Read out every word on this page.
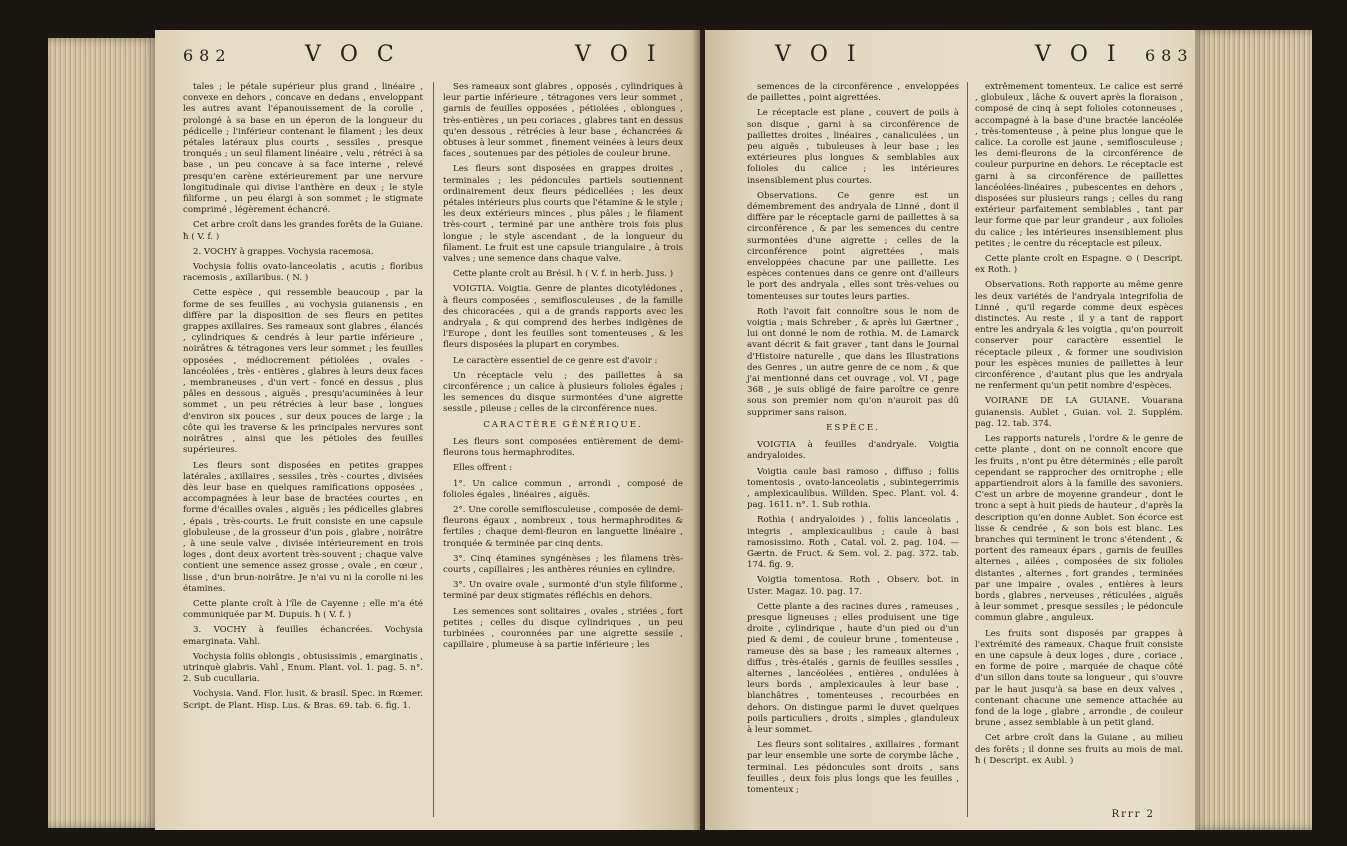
682	V O C	V O I

tales ; le pétale supérieur plus grand , linéaire , convexe en dehors , concave en dedans , enveloppant les autres avant l'épanouissement de la corolle , prolongé à sa base en un éperon de la longueur du pédicelle ; l'inférieur contenant le filament ; les deux pétales latéraux plus courts , sessiles , presque tronqués ; un seul filament linéaire , velu , rétréci à sa base , un peu concave à sa face interne , relevé presqu'en carène extérieurement par une nervure longitudinale qui divise l'anthère en deux ; le style filiforme , un peu élargi à son sommet ; le stigmate comprimé , légèrement échancré.

Cet arbre croît dans les grandes forêts de la Guiane. ħ ( V. f. )

2. VOCHY à grappes. Vochysia racemosa.

Vochysia foliis ovato-lanceolatis , acutis ; floribus racemosis , axillaribus. ( N. )

Cette espèce , qui ressemble beaucoup , par la forme de ses feuilles , au vochysia guianensis , en diffère par la disposition de ses fleurs en petites grappes axillaires. Ses rameaux sont glabres , élancés , cylindriques & cendrés à leur partie inférieure , noirâtres & tétragones vers leur sommet ; les feuilles opposées , médiocrement pétiolées , ovales - lancéolées , très - entières , glabres à leurs deux faces , membraneuses , d'un vert - foncé en dessus , plus pâles en dessous , aiguës , presqu'acuminées à leur sommet , un peu rétrécies à leur base , longues d'environ six pouces , sur deux pouces de large ; la côte qui les traverse & les principales nervures sont noirâtres , ainsi que les pétioles des feuilles supérieures.

Les fleurs sont disposées en petites grappes latérales , axillaires , sessiles , très - courtes , divisées dès leur base en quelques ramifications opposées , accompagnées à leur base de bractées courtes , en forme d'écailles ovales , aiguës ; les pédicelles glabres , épais , très-courts. Le fruit consiste en une capsule globuleuse , de la grosseur d'un pois , glabre , noirâtre , à une seule valve , divisée intérieurement en trois loges , dont deux avortent très-souvent ; chaque valve contient une semence assez grosse , ovale , en cœur , lisse , d'un brun-noirâtre. Je n'ai vu ni la corolle ni les étamines.

Cette plante croît à l'île de Cayenne ; elle m'a été communiquée par M. Dupuis. ħ ( V. f. )

3. VOCHY à feuilles échancrées. Vochysia emarginata. Vahl.

Vochysia foliis oblongis , obtusissimis , emarginatis , utrinquè glabris. Vahl , Enum. Plant. vol. 1. pag. 5. n°. 2. Sub cucullaria.

Vochysia. Vand. Flor. lusit. & brasil. Spec. in Rœmer. Script. de Plant. Hisp. Lus. & Bras. 69. tab. 6. fig. 1.

Ses rameaux sont glabres , opposés , cylindriques à leur partie inférieure , tétragones vers leur sommet , garnis de feuilles opposées , pétiolées , oblongues , très-entières , un peu coriaces , glabres tant en dessus qu'en dessous , rétrécies à leur base , échancrées & obtuses à leur sommet , finement veinées à leurs deux faces , soutenues par des pétioles de couleur brune.

Les fleurs sont disposées en grappes droites , terminales ; les pédoncules partiels soutiennent ordinairement deux fleurs pédicellées ; les deux pétales intérieurs plus courts que l'étamine & le style ; les deux extérieurs minces , plus pâles ; le filament très-court , terminé par une anthère trois fois plus longue ; le style ascendant , de la longueur du filament. Le fruit est une capsule triangulaire , à trois valves ; une semence dans chaque valve.

Cette plante croît au Brésil. ħ ( V. f. in herb. Juss. )

VOIGTIA. Voigtia. Genre de plantes dicotylédones , à fleurs composées , semiflosculeuses , de la famille des chicoracées , qui a de grands rapports avec les andryala , & qui comprend des herbes indigènes de l'Europe , dont les feuilles sont tomenteuses , & les fleurs disposées la plupart en corymbes.

Le caractère essentiel de ce genre est d'avoir :

Un réceptacle velu ; des paillettes à sa circonférence ; un calice à plusieurs folioles égales ; les semences du disque surmontées d'une aigrette sessile , pileuse ; celles de la circonférence nues.

CARACTÈRE GÉNÉRIQUE.

Les fleurs sont composées entièrement de demi-fleurons tous hermaphrodites.

Elles offrent :

1°. Un calice commun , arrondi , composé de folioles égales , linéaires , aiguës.

2°. Une corolle semiflosculeuse , composée de demi-fleurons égaux , nombreux , tous hermaphrodites & fertiles ; chaque demi-fleuron en languette linéaire , tronquée & terminée par cinq dents.

3°. Cinq étamines syngénèses ; les filamens très-courts , capillaires ; les anthères réunies en cylindre.

3°. Un ovaire ovale , surmonté d'un style filiforme , terminé par deux stigmates réfléchis en dehors.

Les semences sont solitaires , ovales , striées , fort petites ; celles du disque cylindriques , un peu turbinées , couronnées par une aigrette sessile , capillaire , plumeuse à sa partie inférieure ; les

V O I	V O I 683

semences de la circonférence , enveloppées de paillettes , point aigrettées.

Le réceptacle est plane , couvert de poils à son disque , garni à sa circonférence de paillettes droites , linéaires , canaliculées , un peu aiguës , tubuleuses à leur base ; les extérieures plus longues & semblables aux folioles du calice ; les intérieures insensiblement plus courtes.

Observations. Ce genre est un démembrement des andryala de Linné , dont il diffère par le réceptacle garni de paillettes à sa circonférence , & par les semences du centre surmontées d'une aigrette ; celles de la circonférence point aigrettées , mais enveloppées chacune par une paillette. Les espèces contenues dans ce genre ont d'ailleurs le port des andryala , elles sont très-velues ou tomenteuses sur toutes leurs parties.

Roth l'avoit fait connoître sous le nom de voigtia ; mais Schreber , & après lui Gærtner , lui ont donné le nom de rothia. M. de Lamarck avant décrit & fait graver , tant dans le Journal d'Histoire naturelle , que dans les Illustrations des Genres , un autre genre de ce nom , & que j'ai mentionné dans cet ouvrage , vol. VI , page 368 , je suis obligé de faire paroître ce genre sous son premier nom qu'on n'auroit pas dû supprimer sans raison.

ESPÈCE.

VOIGTIA à feuilles d'andryale. Voigtia andryaloides.

Voigtia caule basi ramoso , diffuso ; foliis tomentosis , ovato-lanceolatis , subintegerrimis , amplexicaulibus. Willden. Spec. Plant. vol. 4. pag. 1611. n°. 1. Sub rothia.

Rothia ( andryaloides ) , foliis lanceolatis , integris , amplexicaulibus ; caule à basi ramosissimo. Roth , Catal. vol. 2. pag. 104. — Gærtn. de Fruct. & Sem. vol. 2. pag. 372. tab. 174. fig. 9.

Voigtia tomentosa. Roth , Observ. bot. in Uster. Magaz. 10. pag. 17.

Cette plante a des racines dures , rameuses , presque ligneuses ; elles produisent une tige droite , cylindrique , haute d'un pied ou d'un pied & demi , de couleur brune , tomenteuse , rameuse dès sa base ; les rameaux alternes , diffus , très-étalés , garnis de feuilles sessiles , alternes , lancéolées , entières , ondulées à leurs bords , amplexicaules à leur base , blanchâtres , tomenteuses , recourbées en dehors. On distingue parmi le duvet quelques poils particuliers , droits , simples , glanduleux à leur sommet.

Les fleurs sont solitaires , axillaires , formant par leur ensemble une sorte de corymbe lâche , terminal. Les pédoncules sont droits , sans feuilles , deux fois plus longs que les feuilles , tomenteux ;

extrêmement tomenteux. Le calice est serré , globuleux , lâche & ouvert après la floraison , composé de cinq à sept folioles cotonneuses , accompagné à la base d'une bractée lancéolée , très-tomenteuse , à peine plus longue que le calice. La corolle est jaune , semiflosculeuse ; les demi-fleurons de la circonférence de couleur purpurine en dehors. Le réceptacle est garni à sa circonférence de paillettes lancéolées-linéaires , pubescentes en dehors , disposées sur plusieurs rangs ; celles du rang extérieur parfaitement semblables , tant par leur forme que par leur grandeur , aux folioles du calice ; les intérieures insensiblement plus petites ; le centre du réceptacle est pileux.

Cette plante croît en Espagne. ⊙ ( Descript. ex Roth. )

Observations. Roth rapporte au même genre les deux variétés de l'andryala integrifolia de Linné , qu'il regarde comme deux espèces distinctes. Au reste , il y a tant de rapport entre les andryala & les voigtia , qu'on pourroit conserver pour caractère essentiel le réceptacle pileux , & former une soudivision pour les espèces munies de paillettes à leur circonférence , d'autant plus que les andryala ne renferment qu'un petit nombre d'espèces.

VOIRANE DE LA GUIANE. Vouarana guianensis. Aublet , Guian. vol. 2. Supplém. pag. 12. tab. 374.

Les rapports naturels , l'ordre & le genre de cette plante , dont on ne connoît encore que les fruits , n'ont pu être déterminés ; elle paroît cependant se rapprocher des ornitrophe ; elle appartiendroit alors à la famille des savoniers. C'est un arbre de moyenne grandeur , dont le tronc a sept à huit pieds de hauteur , d'après la description qu'en donne Aublet. Son écorce est lisse & cendrée , & son bois est blanc. Les branches qui terminent le tronc s'étendent , & portent des rameaux épars , garnis de feuilles alternes , ailées , composées de six folioles distantes , alternes , fort grandes , terminées par une impaire , ovales , entières à leurs bords , glabres , nerveuses , réticulées , aiguës à leur sommet , presque sessiles ; le pédoncule commun glabre , anguleux.

Les fruits sont disposés par grappes à l'extrémité des rameaux. Chaque fruit consiste en une capsule à deux loges , dure , coriace , en forme de poire , marquée de chaque côté d'un sillon dans toute sa longueur , qui s'ouvre par le haut jusqu'à sa base en deux valves , contenant chacune une semence attachée au fond de la loge , glabre , arrondie , de couleur brune , assez semblable à un petit gland.

Cet arbre croît dans la Guiane , au milieu des forêts ; il donne ses fruits au mois de mai. ħ ( Descript. ex Aubl. )

Rrrr 2
